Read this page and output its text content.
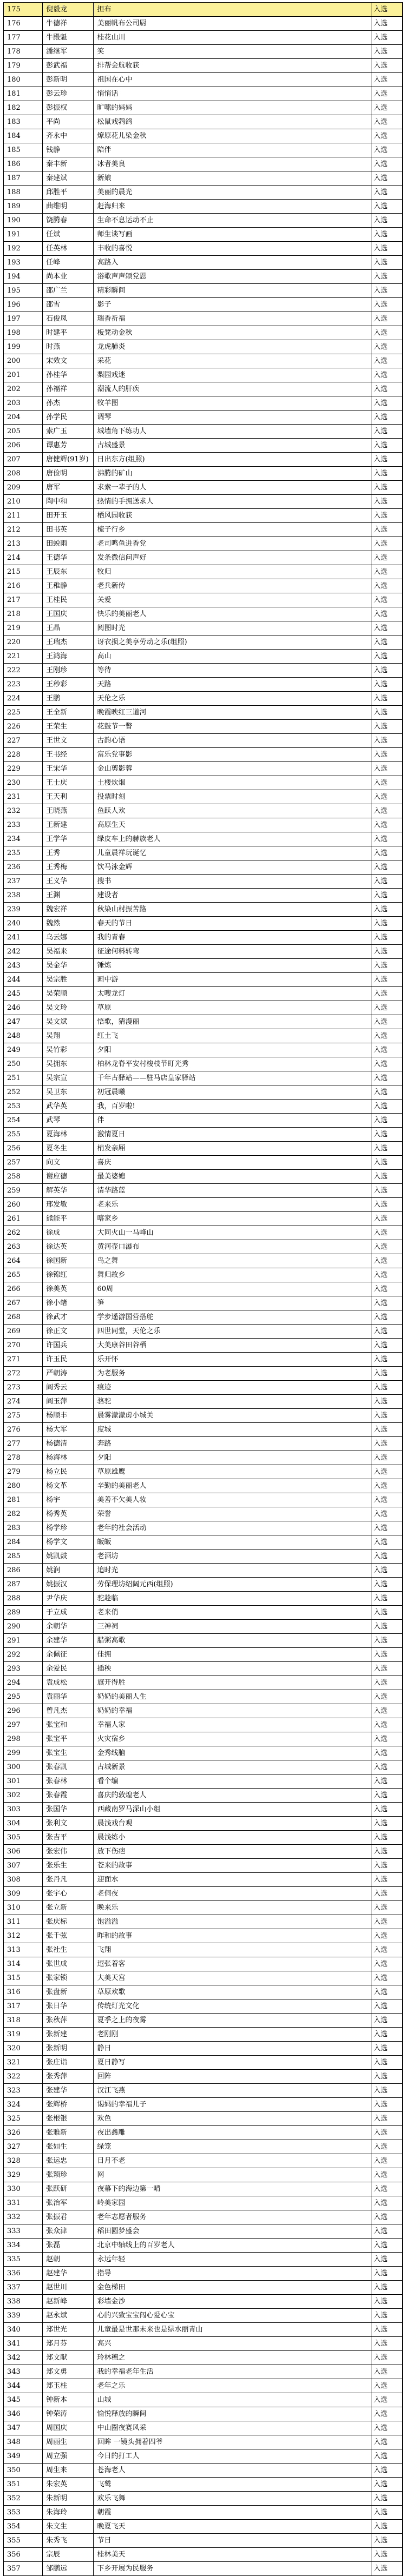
175	倪毅龙	担布	入选
176	牛德祥	美丽帆布公司厨	入选
177	牛殿魁	桂花山川	入选
178	潘继军	笑	入选
179	彭武福	排帮会航收获	入选
180	彭新明	祖国在心中	入选
181	彭云珍	悄悄话	入选
182	彭振权	旷嗦的妈妈	入选
183	平尚	松鼠戏鹁鸽	入选
184	齐永中	燎原花儿染金秋	入选
185	钱静	陪伴	入选
186	秦丰新	冰者美良	入选
187	秦建斌	新娘	入选
188	邱胜平	美丽的晨光	入选
189	曲维明	赶海归来	入选
190	饶腾春	生命不息运动不止	入选
191	任斌	师生谈写画	入选
192	任英林	丰收的喜悦	入选
193	任峰	高路入	入选
194	尚本业	浴歌声声颂党恩	入选
195	邵广兰	精彩瞬间	入选
196	邵雪	影子	入选
197	石俊凤	瑞香祈福	入选
198	时建平	板凳动金秋	入选
199	时燕	龙虎肺炎	入选
200	宋效文	采花	入选
201	孙桂华	梨园戏迷	入选
202	孙福祥	潮流人的肝疾	入选
203	孙杰	牧羊图	入选
204	孙学民	调琴	入选
205	索广玉	城墙角下练功人	入选
206	谭惠芳	古城盛景	入选
207	唐健辉(91岁)	日出东方(组照)	入选
208	唐俭明	沸腾的矿山	入选
209	唐军	求索一辈子的人	入选
210	陶中和	热情的手拥送求人	入选
211	田开玉	栖风园收获	入选
212	田书英	梳子行乡	入选
213	田蜕雨	老司鸣鱼进香党	入选
214	王德华	发条微信问声好	入选
215	王辰东	牧归	入选
216	王稚静	老兵新传	入选
217	王桂民	关爱	入选
218	王国庆	快乐的美丽老人	入选
219	王晶	阅图时光	入选
220	王瑞杰	讶衣损之美享劳动之乐(组照)	入选
221	王鸿海	高山	入选
222	王刚珍	等待	入选
223	王秒彩	天路	入选
224	王鹏	天伦之乐	入选
225	王全新	晚霞映红三道河	入选
226	王荣生	花鼓节一瞥	入选
227	王世文	古韵心语	入选
228	王书经	富乐党事影	入选
229	王宋华	金山剪影蓉	入选
230	王士庆	土楼炊烟	入选
231	王天利	投票时刻	入选
232	王晓燕	鱼跃人欢	入选
233	王新建	高原生天	入选
234	王学华	绿皮车上的赫族老人	入选
235	王秀	儿童晨祥玩诞忆	入选
236	王秀梅	饮马泳金辉	入选
237	王义华	搜书	入选
238	王渊	建设者	入选
239	魏宏祥	秋染山村振苦路	入选
240	魏然	春天的节日	入选
241	乌云娜	我的青春	入选
242	吴福来	征途何料转弯	入选
243	吴金华	锤炼	入选
244	吴宗胜	画中游	入选
245	吴荣顺	太嗖龙灯	入选
246	吴文玲	草原	入选
247	吴文斌	悟歌，猜漫丽	入选
248	吴翔	红土飞	入选
249	吴竹彩	夕阳	入选
250	吴拥东	柏林龙脊平安村梭枝节盯光秀	入选
251	吴宗宣	千年古驿站——驻马店皇家驿站	入选
252	吴卫东	初冠晨曦	入选
253	武华英	我，百岁啦!	入选
254	武琴	伴	入选
255	夏海林	激情夏日	入选
256	夏冬生	梢发亲厢	入选
257	向文	喜庆	入选
258	谢应德	最美婆媳	入选
259	解英华	清华路蓝	入选
260	邢发敏	老来乐	入选
261	熊能平	喀家乡	入选
262	徐成	大同火山一马峰山	入选
263	徐达英	黄河壶口瀑布	入选
264	徐国新	鸟之舞	入选
265	徐锦红	舞归故乡	入选
266	徐美英	60周	入选
267	徐小绪	笋	入选
268	徐武才	学步遥游国营搭舵	入选
269	徐正文	四世同堂，天伦之乐	入选
270	许国兵	大美康谷田谷栖	入选
271	许玉民	乐开怀	入选
272	严朝涛	为老服务	入选
273	阎秀云	痕迹	入选
274	阎玉萍	骆驼	入选
275	杨顺丰	晨雾濛濛虏小城关	入选
276	杨大军	度城	入选
277	杨德清	奔路	入选
278	杨海林	夕阳	入选
279	杨立民	草原雄鹰	入选
280	杨文革	辛勤的美丽老人	入选
281	杨宇	美善不欠美人妆	入选
282	杨秀英	荣誉	入选
283	杨学珍	老年的社会活动	入选
284	杨学文	皈皈	入选
285	姚凯鼓	老酒坊	入选
286	姚润	追时光	入选
287	姚振汉	劳保理坊绍阔元西(组照)	入选
288	尹华庆	驼趁临	入选
289	于立成	老来俏	入选
290	余朝华	三神祠	入选
291	余建华	腊粥高歌	入选
292	余佩征	佳拥	入选
293	余爱民	插秧	入选
294	袁成松	旗开得胜	入选
295	袁丽华	奶奶的美丽人生	入选
296	曾凡杰	奶奶的幸福	入选
297	张宝和	幸福人家	入选
298	张宝平	火灾宿乡	入选
299	张宝生	金秀线脑	入选
300	张春凯	古城新景	入选
301	张春林	看个编	入选
302	张春霞	喜庆的敦煌老人	入选
303	张国华	西藏南罗马深山小组	入选
304	张利文	晨浅戏台观	入选
305	张吉平	晨浅练小	入选
306	张宏伟	放下伤疤	入选
307	张乐生	苍来的故事	入选
308	张丹凡	迎面水	入选
309	张宇心	老侗夜	入选
310	张立新	晚来乐	入选
311	张庆标	饱溢溢	入选
312	张千弦	昨和的故事	入选
313	张社生	飞翔	入选
314	张世成	逗张着客	入选
315	张家锁	大美天宫	入选
316	张盘新	草原欢歌	入选
317	张日华	传统灯光文化	入选
318	张秋萍	夏季之上的夜雾	入选
319	张新建	老刚刚	入选
320	张新明	静日	入选
321	张庄诣	夏日静写	入选
322	张秀萍	回阵	入选
323	张建华	汉江飞燕	入选
324	张辉桥	谒妈的幸福儿子	入选
325	张根银	欢色	入选
326	张雅新	夜出鑫雕	入选
327	张如生	绿笼	入选
328	张运忠	日月不老	入选
329	张颖珍	网	入选
330	张跃研	夜幕下的海边第一晴	入选
331	张治军	岭美家园	入选
332	张振君	老年志愿者服务	入选
333	张众津	稻田圆梦盛会	入选
334	张磊	北京中轴线上的百岁老人	入选
335	赵朝	永远年轻	入选
336	赵建华	指导	入选
337	赵世川	金色梯田	入选
338	赵新峰	彩墙金沙	入选
339	赵永斌	心的兴致宝宝闯心爱心宝	入选
340	郑世光	儿童最是世那末来也是绿水丽青山	入选
341	郑月芬	高兴	入选
342	郑文献	玲林穗之	入选
343	郑文勇	我的幸福老年生活	入选
344	郑玉柱	老年之乐	入选
345	钟新本	山城	入选
346	钟荣涛	愉悦释放的瞬间	入选
347	周国庆	中山圈夜赛风采	入选
348	周丽生	回眸 一镜头拥着四爷	入选
349	周立强	今日的打工人	入选
350	周生来	苍海老人	入选
351	朱宏英	飞鹫	入选
352	朱新明	欢乐飞舞	入选
353	朱海玲	朝霞	入选
354	朱文生	晚夏飞天	入选
355	朱秀飞	节日	入选
356	宗辰	桂林美天	入选
357	邹鹏远	下乡开展为民服务	入选
